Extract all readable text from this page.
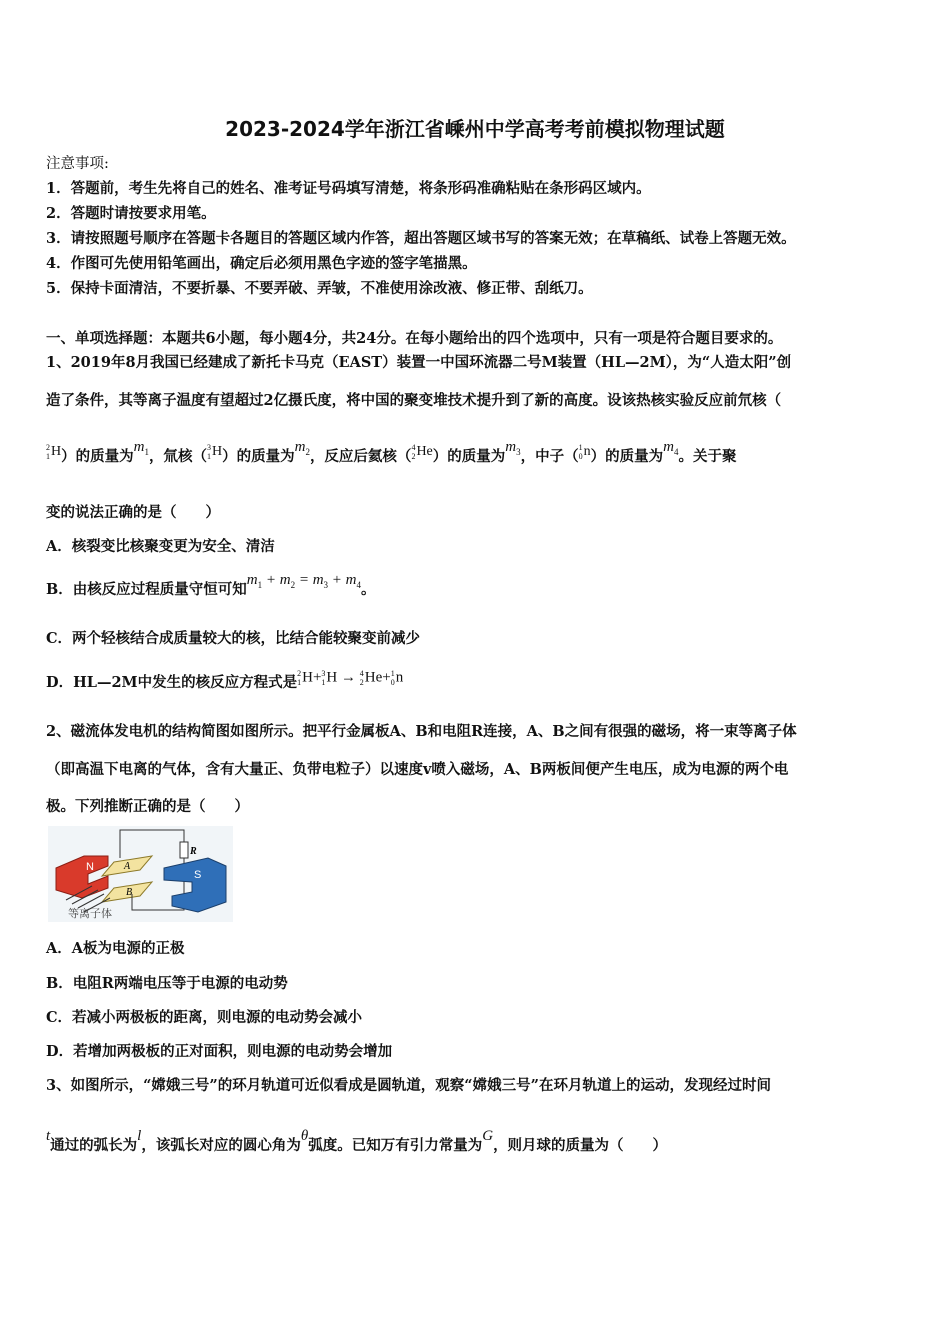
2023-2024学年浙江省嵊州中学高考考前模拟物理试题
注意事项:
1．答题前，考生先将自己的姓名、准考证号码填写清楚，将条形码准确粘贴在条形码区域内。
2．答题时请按要求用笔。
3．请按照题号顺序在答题卡各题目的答题区域内作答，超出答题区域书写的答案无效；在草稿纸、试卷上答题无效。
4．作图可先使用铅笔画出，确定后必须用黑色字迹的签字笔描黑。
5．保持卡面清洁，不要折暴、不要弄破、弄皱，不准使用涂改液、修正带、刮纸刀。
一、单项选择题：本题共6小题，每小题4分，共24分。在每小题给出的四个选项中，只有一项是符合题目要求的。
1、2019年8月我国已经建成了新托卡马克（EAST）装置一中国环流器二号M装置（HL—2M），为“人造太阳”创
造了条件，其等离子温度有望超过2亿摄氏度，将中国的聚变堆技术提升到了新的高度。设该热核实验反应前氘核（
2
1 H）的质量为$m_1$，氚核（
3
1 H）的质量为$m_2$，反应后氦核（
4
2 He）的质量为$m_3$，中子（
1
0 n）的质量为$m_4$。关于聚
变的说法正确的是（　　）
A．核裂变比核聚变更为安全、清洁
B．由核反应过程质量守恒可知$m_1 + m_2 = m_3 + m_4$。
C．两个轻核结合成质量较大的核，比结合能较聚变前减少
D．HL—2M中发生的核反应方程式是
2
1 H+ 3
1 H → 4
2 He+ 1
0 n
2、磁流体发电机的结构简图如图所示。把平行金属板A、B和电阻R连接，A、B之间有很强的磁场，将一束等离子体
（即高温下电离的气体，含有大量正、负带电粒子）以速度v喷入磁场，A、B两板间便产生电压，成为电源的两个电
极。下列推断正确的是（　　）
N	A
B
R
S
等离子体
A．A板为电源的正极
B．电阻R两端电压等于电源的电动势
C．若减小两极板的距离，则电源的电动势会减小
D．若增加两极板的正对面积，则电源的电动势会增加
3、如图所示，“嫦娥三号”的环月轨道可近似看成是圆轨道，观察“嫦娥三号”在环月轨道上的运动，发现经过时间
t通过的弧长为l，该弧长对应的圆心角为θ弧度。已知万有引力常量为G，则月球的质量为（　　）
